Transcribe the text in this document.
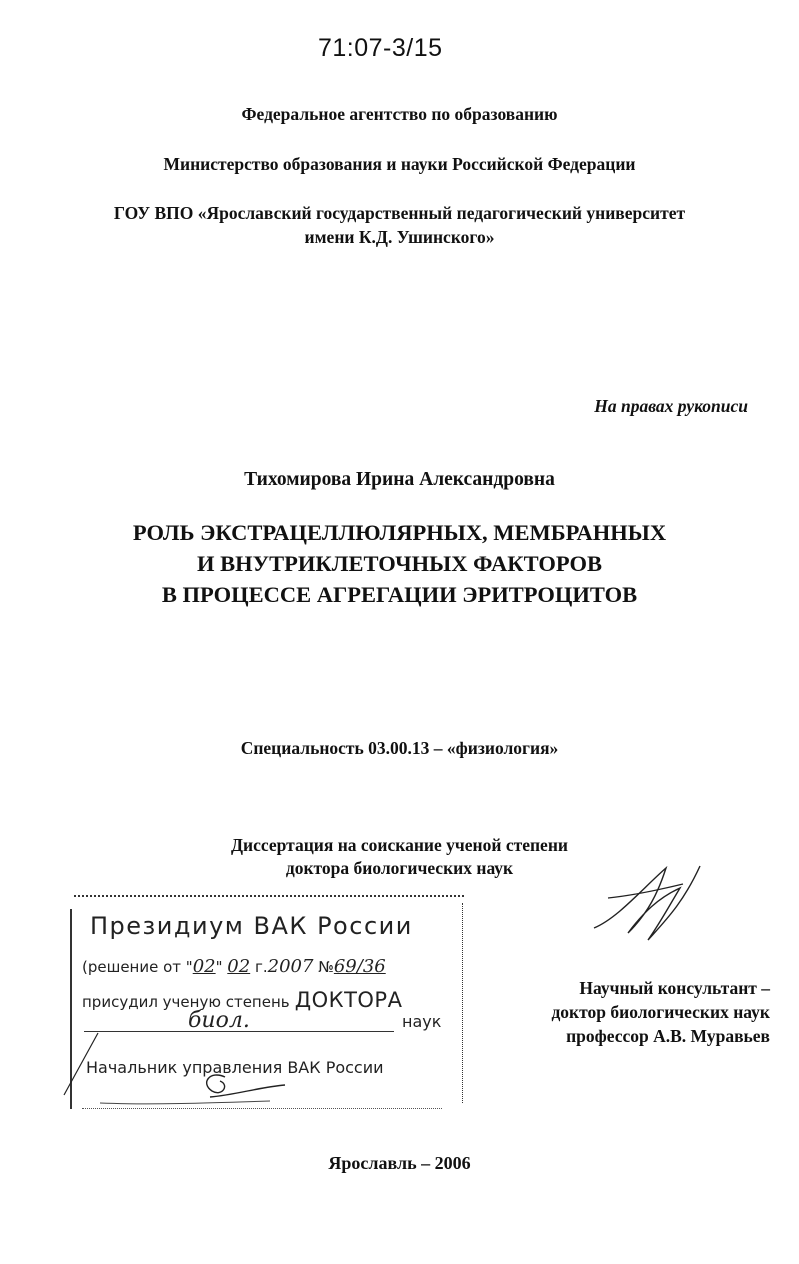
71:07-3/15
Федеральное агентство по образованию
Министерство образования и науки Российской Федерации
ГОУ ВПО «Ярославский государственный педагогический университет
имени К.Д. Ушинского»
На правах рукописи
Тихомирова Ирина Александровна
РОЛЬ ЭКСТРАЦЕЛЛЮЛЯРНЫХ, МЕМБРАННЫХ
И ВНУТРИКЛЕТОЧНЫХ ФАКТОРОВ
В ПРОЦЕССЕ АГРЕГАЦИИ ЭРИТРОЦИТОВ
Специальность 03.00.13 – «физиология»
Диссертация на соискание ученой степени
доктора биологических наук
Научный консультант –
доктор биологических наук
профессор А.В. Муравьев
Президиум ВАК России
(решение от "02" 02 г.2007 №69/36
присудил ученую степень ДОКТОРА
биол.	наук
Начальник управления ВАК России
Ярославль – 2006
